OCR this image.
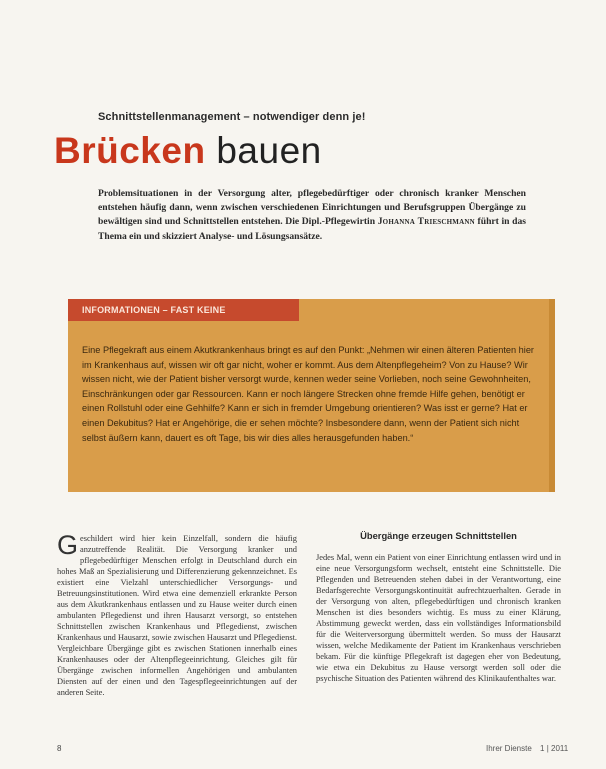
Schnittstellenmanagement – notwendiger denn je!
Brücken bauen
Problemsituationen in der Versorgung alter, pflegebedürftiger oder chronisch kranker Menschen entstehen häufig dann, wenn zwischen verschiedenen Einrichtungen und Berufsgruppen Übergänge zu bewältigen sind und Schnittstellen entstehen. Die Dipl.-Pflegewirtin Johanna Trieschmann führt in das Thema ein und skizziert Analyse- und Lösungsansätze.
INFORMATIONEN – FAST KEINE
Eine Pflegekraft aus einem Akutkrankenhaus bringt es auf den Punkt: „Nehmen wir einen älteren Patienten hier im Krankenhaus auf, wissen wir oft gar nicht, woher er kommt. Aus dem Altenpflegeheim? Von zu Hause? Wir wissen nicht, wie der Patient bisher versorgt wurde, kennen weder seine Vorlieben, noch seine Gewohnheiten, Einschränkungen oder gar Ressourcen. Kann er noch längere Strecken ohne fremde Hilfe gehen, benötigt er einen Rollstuhl oder eine Gehhilfe? Kann er sich in fremder Umgebung orientieren? Was isst er gerne? Hat er einen Dekubitus? Hat er Angehörige, die er sehen möchte? Insbesondere dann, wenn der Patient sich nicht selbst äußern kann, dauert es oft Tage, bis wir dies alles herausgefunden haben.“
Geschildert wird hier kein Einzelfall, sondern die häufig anzutreffende Realität. Die Versorgung kranker und pflegebedürftiger Menschen erfolgt in Deutschland durch ein hohes Maß an Spezialisierung und Differenzierung gekennzeichnet. Es existiert eine Vielzahl unterschiedlicher Versorgungs- und Betreuungsinstitutionen. Wird etwa eine demenziell erkrankte Person aus dem Akutkrankenhaus entlassen und zu Hause weiter durch einen ambulanten Pflegedienst und ihren Hausarzt versorgt, so entstehen Schnittstellen zwischen Krankenhaus und Pflegedienst, zwischen Krankenhaus und Hausarzt, sowie zwischen Hausarzt und Pflegedienst. Vergleichbare Übergänge gibt es zwischen Stationen innerhalb eines Krankenhauses oder der Altenpflegeeinrichtung. Gleiches gilt für Übergänge zwischen informellen Angehörigen und ambulanten Diensten auf der einen und den Tagespflegeeinrichtungen auf der anderen Seite.
Übergänge erzeugen Schnittstellen
Jedes Mal, wenn ein Patient von einer Einrichtung entlassen wird und in eine neue Versorgungsform wechselt, entsteht eine Schnittstelle. Die Pflegenden und Betreuenden stehen dabei in der Verantwortung, eine Bedarfsgerechte Versorgungskontinuität aufrechtzuerhalten. Gerade in der Versorgung von alten, pflegebedürftigen und chronisch kranken Menschen ist dies besonders wichtig. Es muss zu einer Klärung, Abstimmung geweckt werden, dass ein vollständiges Informationsbild für die Weiterversorgung übermittelt werden. So muss der Hausarzt wissen, welche Medikamente der Patient im Krankenhaus verschrieben bekam. Für die künftige Pflegekraft ist dagegen eher von Bedeutung, wie etwa ein Dekubitus zu Hause versorgt werden soll oder die psychische Situation des Patienten während des Klinikaufenthaltes war.
8	Ihrer Dienste 1 | 2011
